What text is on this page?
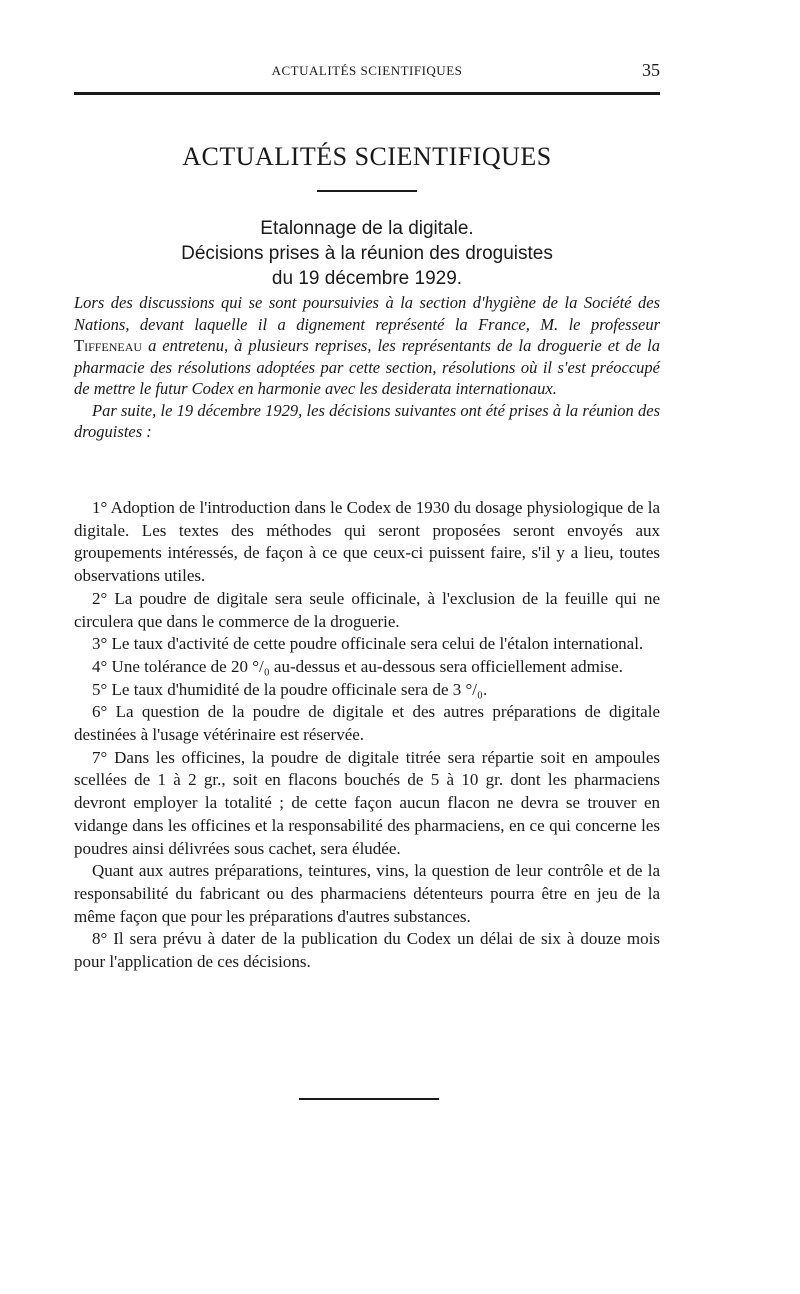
ACTUALITÉS SCIENTIFIQUES	35
ACTUALITÉS SCIENTIFIQUES
Etalonnage de la digitale.
Décisions prises à la réunion des droguistes
du 19 décembre 1929.

Lors des discussions qui se sont poursuivies à la section d'hygiène de la Société des Nations, devant laquelle il a dignement représenté la France, M. le professeur Tiffeneau a entretenu, à plusieurs reprises, les représentants de la droguerie et de la pharmacie des résolutions adoptées par cette section, résolutions où il s'est préoccupé de mettre le futur Codex en harmonie avec les desiderata internationaux.

Par suite, le 19 décembre 1929, les décisions suivantes ont été prises à la réunion des droguistes :

1° Adoption de l'introduction dans le Codex de 1930 du dosage physiologique de la digitale. Les textes des méthodes qui seront proposées seront envoyés aux groupements intéressés, de façon à ce que ceux-ci puissent faire, s'il y a lieu, toutes observations utiles.

2° La poudre de digitale sera seule officinale, à l'exclusion de la feuille qui ne circulera que dans le commerce de la droguerie.

3° Le taux d'activité de cette poudre officinale sera celui de l'étalon international.

4° Une tolérance de 20 °/₀ au-dessus et au-dessous sera officiellement admise.

5° Le taux d'humidité de la poudre officinale sera de 3 °/₀.

6° La question de la poudre de digitale et des autres préparations de digitale destinées à l'usage vétérinaire est réservée.

7° Dans les officines, la poudre de digitale titrée sera répartie soit en ampoules scellées de 1 à 2 gr., soit en flacons bouchés de 5 à 10 gr. dont les pharmaciens devront employer la totalité ; de cette façon aucun flacon ne devra se trouver en vidange dans les officines et la responsabilité des pharmaciens, en ce qui concerne les poudres ainsi délivrées sous cachet, sera éludée.

Quant aux autres préparations, teintures, vins, la question de leur contrôle et de la responsabilité du fabricant ou des pharmaciens détenteurs pourra être en jeu de la même façon que pour les préparations d'autres substances.

8° Il sera prévu à dater de la publication du Codex un délai de six à douze mois pour l'application de ces décisions.
